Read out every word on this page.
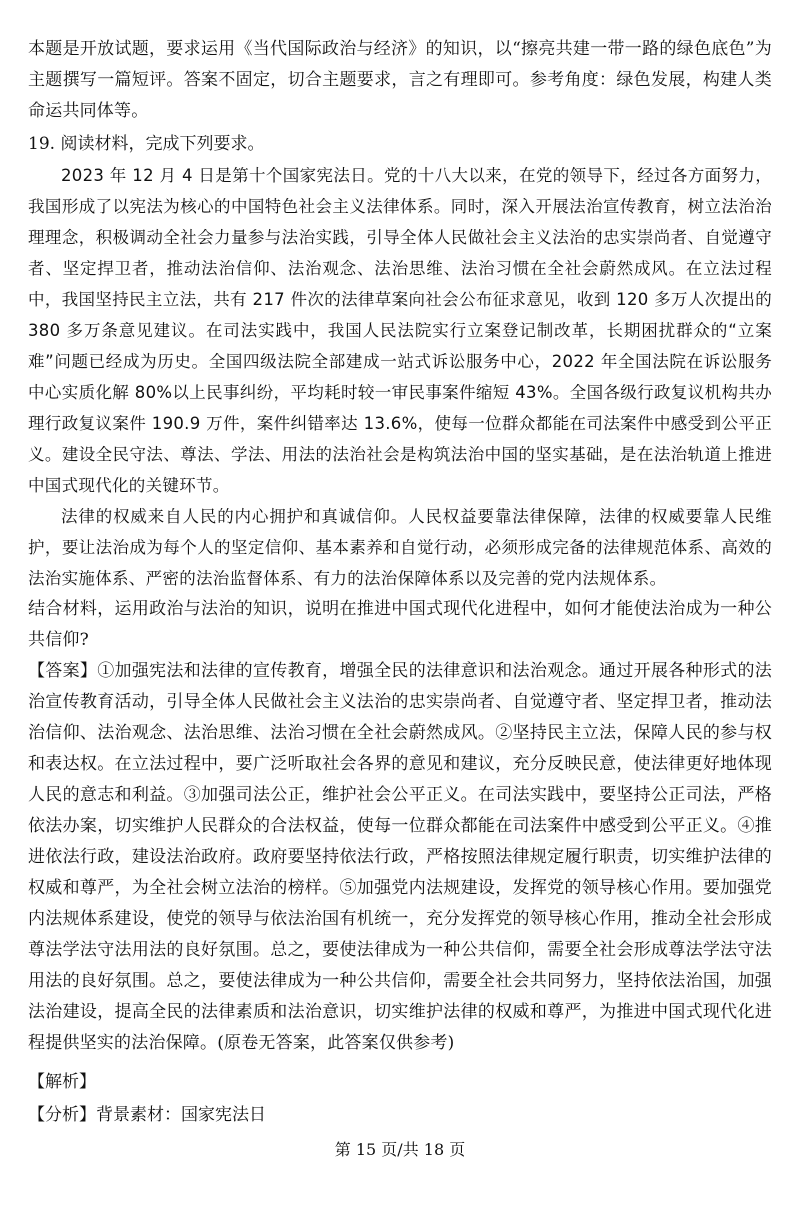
本题是开放试题，要求运用《当代国际政治与经济》的知识，以“擦亮共建一带一路的绿色底色”为主题撰写一篇短评。答案不固定，切合主题要求，言之有理即可。参考角度：绿色发展，构建人类命运共同体等。

19. 阅读材料，完成下列要求。

2023 年 12 月 4 日是第十个国家宪法日。党的十八大以来，在党的领导下，经过各方面努力，我国形成了以宪法为核心的中国特色社会主义法律体系。同时，深入开展法治宣传教育，树立法治治理理念，积极调动全社会力量参与法治实践，引导全体人民做社会主义法治的忠实崇尚者、自觉遵守者、坚定捍卫者，推动法治信仰、法治观念、法治思维、法治习惯在全社会蔚然成风。在立法过程中，我国坚持民主立法，共有 217 件次的法律草案向社会公布征求意见，收到 120 多万人次提出的 380 多万条意见建议。在司法实践中，我国人民法院实行立案登记制改革，长期困扰群众的“立案难”问题已经成为历史。全国四级法院全部建成一站式诉讼服务中心，2022 年全国法院在诉讼服务中心实质化解 80%以上民事纠纷，平均耗时较一审民事案件缩短 43%。全国各级行政复议机构共办理行政复议案件 190.9 万件，案件纠错率达 13.6%，使每一位群众都能在司法案件中感受到公平正义。建设全民守法、尊法、学法、用法的法治社会是构筑法治中国的坚实基础，是在法治轨道上推进中国式现代化的关键环节。

法律的权威来自人民的内心拥护和真诚信仰。人民权益要靠法律保障，法律的权威要靠人民维护，要让法治成为每个人的坚定信仰、基本素养和自觉行动，必须形成完备的法律规范体系、高效的法治实施体系、严密的法治监督体系、有力的法治保障体系以及完善的党内法规体系。

结合材料，运用政治与法治的知识，说明在推进中国式现代化进程中，如何才能使法治成为一种公共信仰?

【答案】①加强宪法和法律的宣传教育，增强全民的法律意识和法治观念。通过开展各种形式的法治宣传教育活动，引导全体人民做社会主义法治的忠实崇尚者、自觉遵守者、坚定捍卫者，推动法治信仰、法治观念、法治思维、法治习惯在全社会蔚然成风。②坚持民主立法，保障人民的参与权和表达权。在立法过程中，要广泛听取社会各界的意见和建议，充分反映民意，使法律更好地体现人民的意志和利益。③加强司法公正，维护社会公平正义。在司法实践中，要坚持公正司法，严格依法办案，切实维护人民群众的合法权益，使每一位群众都能在司法案件中感受到公平正义。④推进依法行政，建设法治政府。政府要坚持依法行政，严格按照法律规定履行职责，切实维护法律的权威和尊严，为全社会树立法治的榜样。⑤加强党内法规建设，发挥党的领导核心作用。要加强党内法规体系建设，使党的领导与依法治国有机统一，充分发挥党的领导核心作用，推动全社会形成尊法学法守法用法的良好氛围。总之，要使法律成为一种公共信仰，需要全社会形成尊法学法守法用法的良好氛围。总之，要使法律成为一种公共信仰，需要全社会共同努力，坚持依法治国，加强法治建设，提高全民的法律素质和法治意识，切实维护法律的权威和尊严，为推进中国式现代化进程提供坚实的法治保障。(原卷无答案，此答案仅供参考)

【解析】

【分析】背景素材：国家宪法日

第 15 页/共 18 页
